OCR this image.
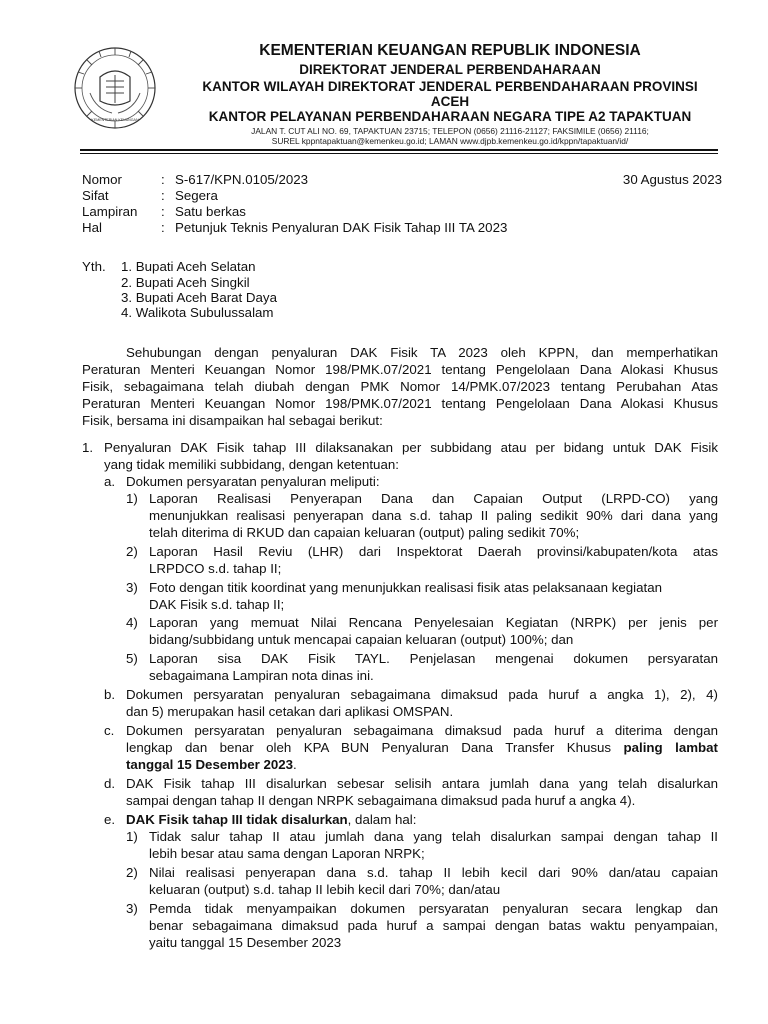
KEMENTERIAN KEUANGAN
KEMENTERIAN KEUANGAN REPUBLIK INDONESIA
DIREKTORAT JENDERAL PERBENDAHARAAN
KANTOR WILAYAH DIREKTORAT JENDERAL PERBENDAHARAAN PROVINSI
ACEH
KANTOR PELAYANAN PERBENDAHARAAN NEGARA TIPE A2 TAPAKTUAN
JALAN T. CUT ALI NO. 69, TAPAKTUAN 23715; TELEPON (0656) 21116-21127; FAKSIMILE (0656) 21116;
SUREL kppntapaktuan@kemenkeu.go.id; LAMAN www.djpb.kemenkeu.go.id/kppn/tapaktuan/id/
Nomor	: S-617/KPN.0105/2023	30 Agustus 2023
Sifat	: Segera
Lampiran : Satu berkas
Hal	: Petunjuk Teknis Penyaluran DAK Fisik Tahap III TA 2023
Yth. 1. Bupati Aceh Selatan
2. Bupati Aceh Singkil
3. Bupati Aceh Barat Daya
4. Walikota Subulussalam
Sehubungan dengan penyaluran DAK Fisik TA 2023 oleh KPPN, dan memperhatikan
Peraturan Menteri Keuangan Nomor 198/PMK.07/2021 tentang Pengelolaan Dana Alokasi Khusus
Fisik, sebagaimana telah diubah dengan PMK Nomor 14/PMK.07/2023 tentang Perubahan Atas
Peraturan Menteri Keuangan Nomor 198/PMK.07/2021 tentang Pengelolaan Dana Alokasi Khusus
Fisik, bersama ini disampaikan hal sebagai berikut:
1. Penyaluran DAK Fisik tahap III dilaksanakan per subbidang atau per bidang untuk DAK Fisik
yang tidak memiliki subbidang, dengan ketentuan:
a. Dokumen persyaratan penyaluran meliputi:
1) Laporan Realisasi Penyerapan Dana dan Capaian Output (LRPD-CO) yang
menunjukkan realisasi penyerapan dana s.d. tahap II paling sedikit 90% dari dana yang
telah diterima di RKUD dan capaian keluaran (output) paling sedikit 70%;
2) Laporan Hasil Reviu (LHR) dari Inspektorat Daerah provinsi/kabupaten/kota atas
LRPDCO s.d. tahap II;
3) Foto dengan titik koordinat yang menunjukkan realisasi fisik atas pelaksanaan kegiatan
DAK Fisik s.d. tahap II;
4) Laporan yang memuat Nilai Rencana Penyelesaian Kegiatan (NRPK) per jenis per
bidang/subbidang untuk mencapai capaian keluaran (output) 100%; dan
5) Laporan sisa DAK Fisik TAYL. Penjelasan mengenai dokumen persyaratan
sebagaimana Lampiran nota dinas ini.
b. Dokumen persyaratan penyaluran sebagaimana dimaksud pada huruf a angka 1), 2), 4)
dan 5) merupakan hasil cetakan dari aplikasi OMSPAN.
c. Dokumen persyaratan penyaluran sebagaimana dimaksud pada huruf a diterima dengan
lengkap dan benar oleh KPA BUN Penyaluran Dana Transfer Khusus paling lambat
tanggal 15 Desember 2023.
d. DAK Fisik tahap III disalurkan sebesar selisih antara jumlah dana yang telah disalurkan
sampai dengan tahap II dengan NRPK sebagaimana dimaksud pada huruf a angka 4).
e. DAK Fisik tahap III tidak disalurkan, dalam hal:
1) Tidak salur tahap II atau jumlah dana yang telah disalurkan sampai dengan tahap II
lebih besar atau sama dengan Laporan NRPK;
2) Nilai realisasi penyerapan dana s.d. tahap II lebih kecil dari 90% dan/atau capaian
keluaran (output) s.d. tahap II lebih kecil dari 70%; dan/atau
3) Pemda tidak menyampaikan dokumen persyaratan penyaluran secara lengkap dan
benar sebagaimana dimaksud pada huruf a sampai dengan batas waktu penyampaian,
yaitu tanggal 15 Desember 2023
